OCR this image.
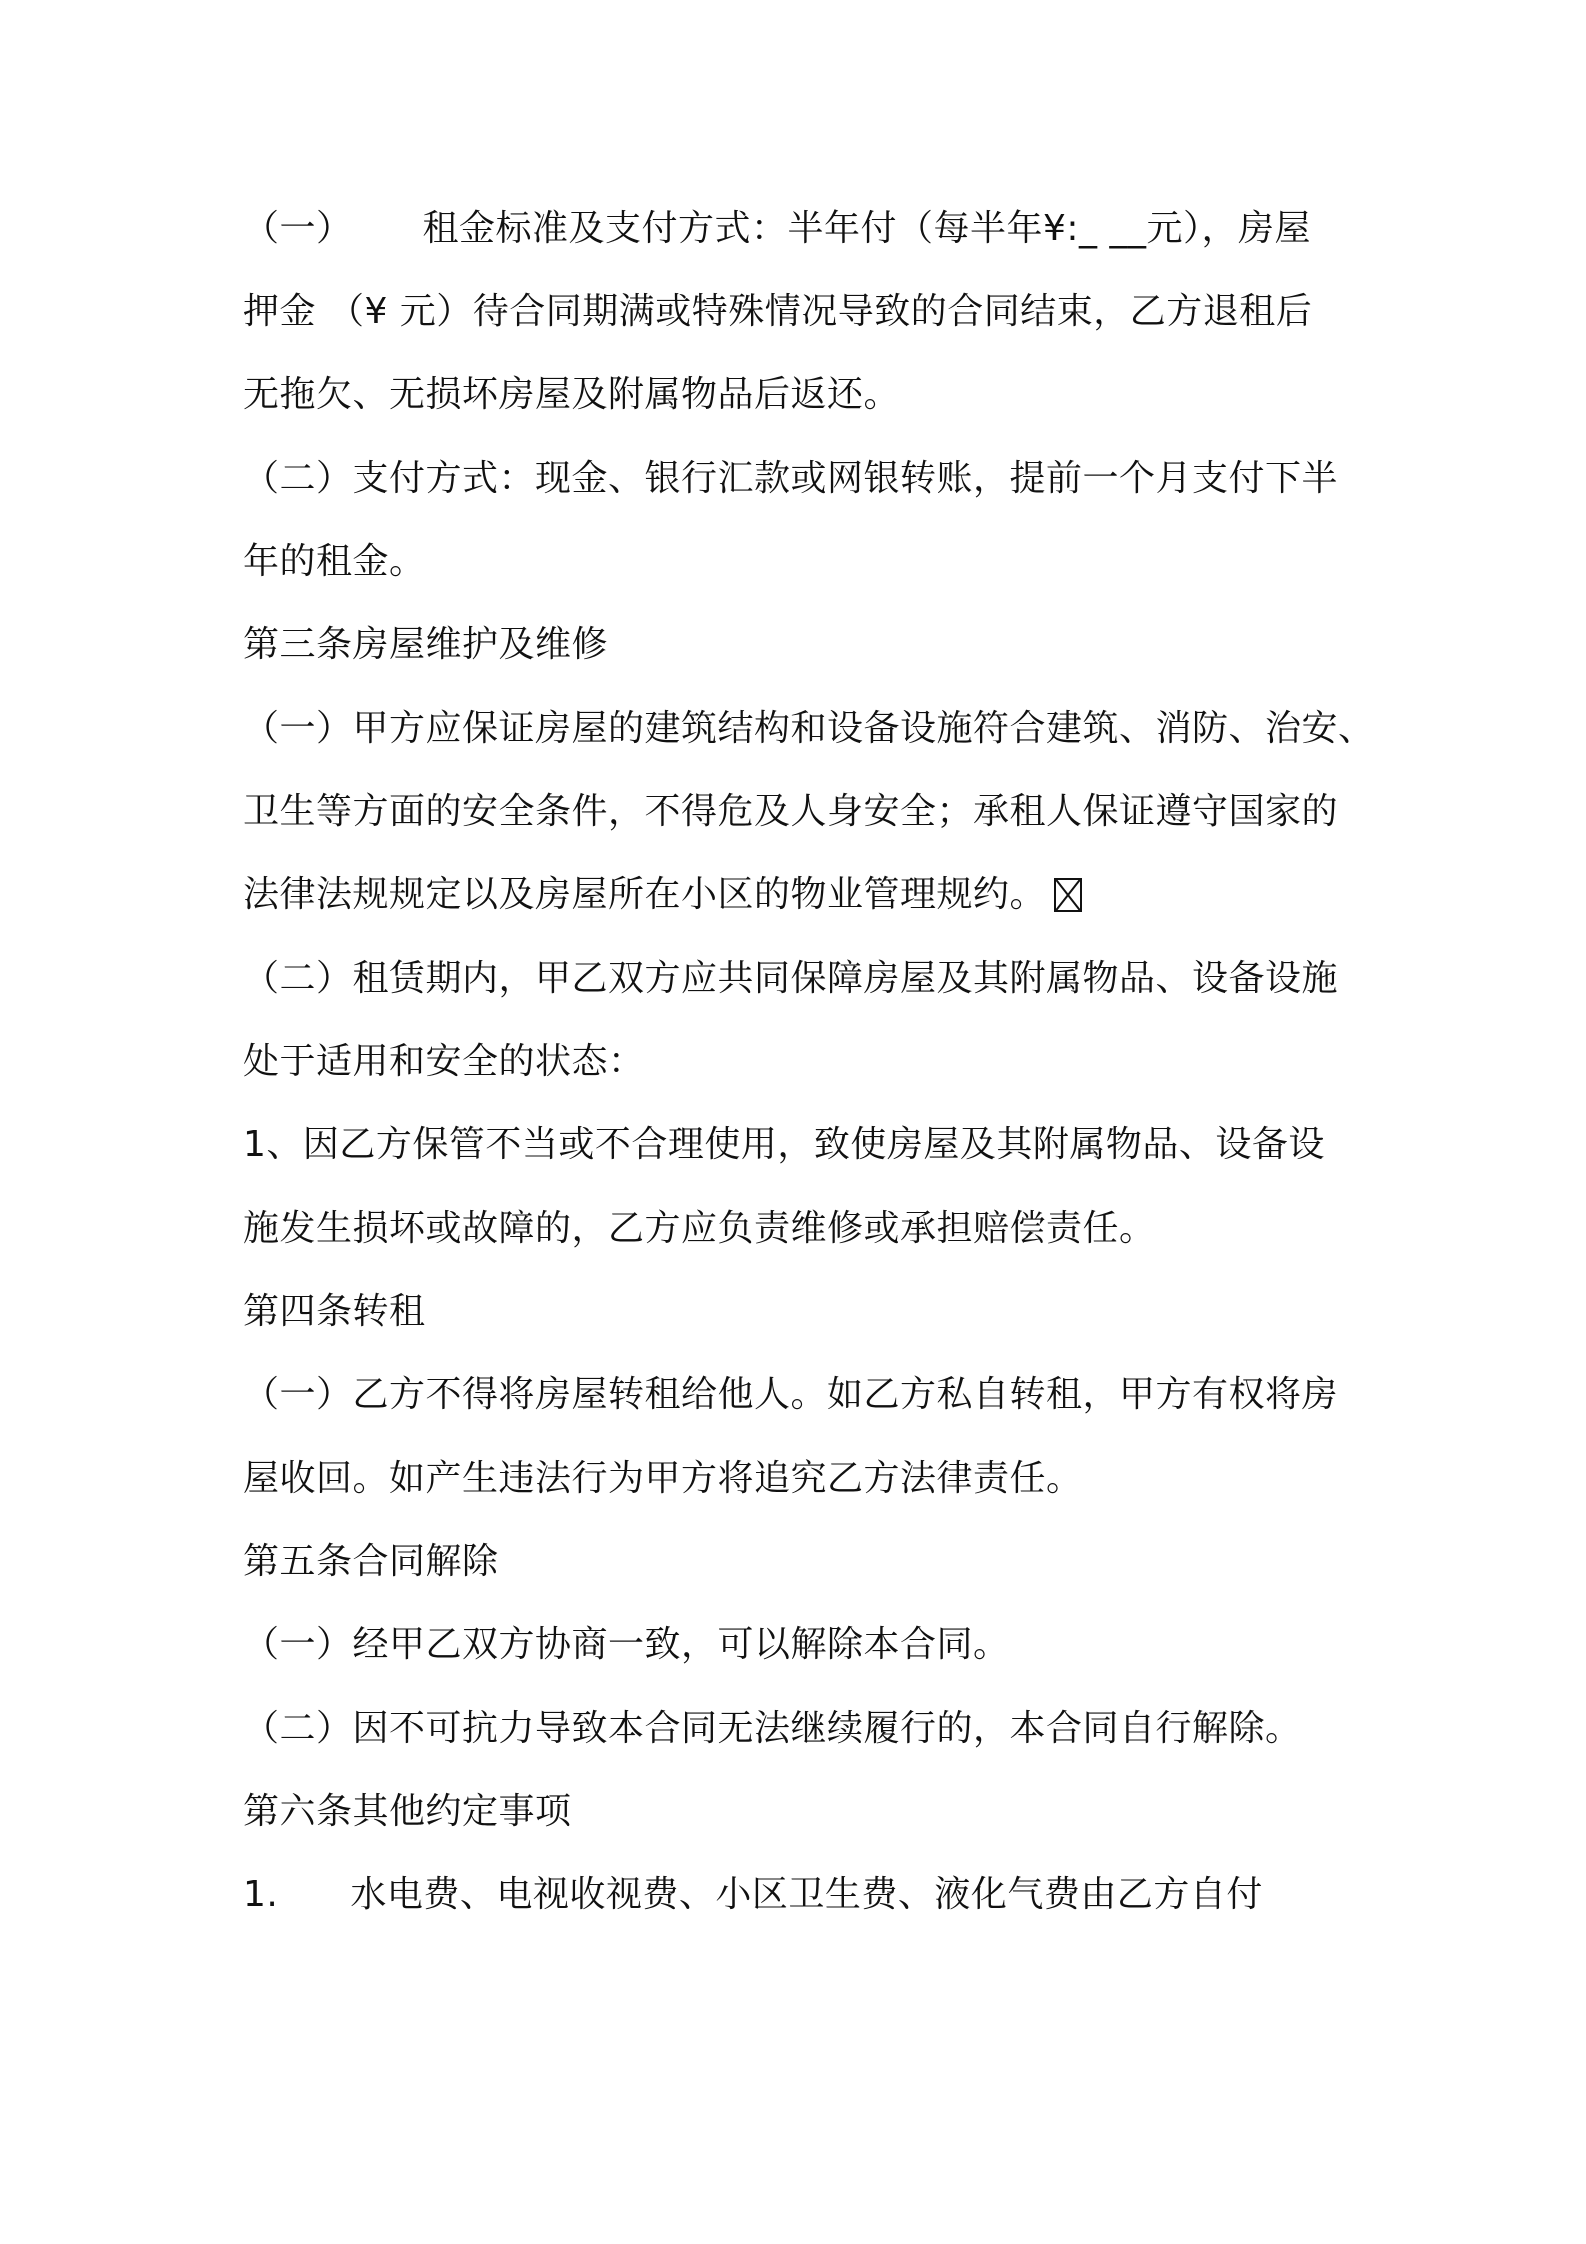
（一） 租金标准及支付方式：半年付（每半年¥:_ __元），房屋
押金 （¥ 元）待合同期满或特殊情况导致的合同结束，乙方退租后
无拖欠、无损坏房屋及附属物品后返还。
（二）支付方式：现金、银行汇款或网银转账，提前一个月支付下半
年的租金。
第三条房屋维护及维修
（一）甲方应保证房屋的建筑结构和设备设施符合建筑、消防、治安、
卫生等方面的安全条件，不得危及人身安全；承租人保证遵守国家的
法律法规规定以及房屋所在小区的物业管理规约。
（二）租赁期内，甲乙双方应共同保障房屋及其附属物品、设备设施
处于适用和安全的状态：
1、因乙方保管不当或不合理使用，致使房屋及其附属物品、设备设
施发生损坏或故障的，乙方应负责维修或承担赔偿责任。
第四条转租
（一）乙方不得将房屋转租给他人。如乙方私自转租，甲方有权将房
屋收回。如产生违法行为甲方将追究乙方法律责任。
第五条合同解除
（一）经甲乙双方协商一致，可以解除本合同。
（二）因不可抗力导致本合同无法继续履行的，本合同自行解除。
第六条其他约定事项
1. 水电费、电视收视费、小区卫生费、液化气费由乙方自付
